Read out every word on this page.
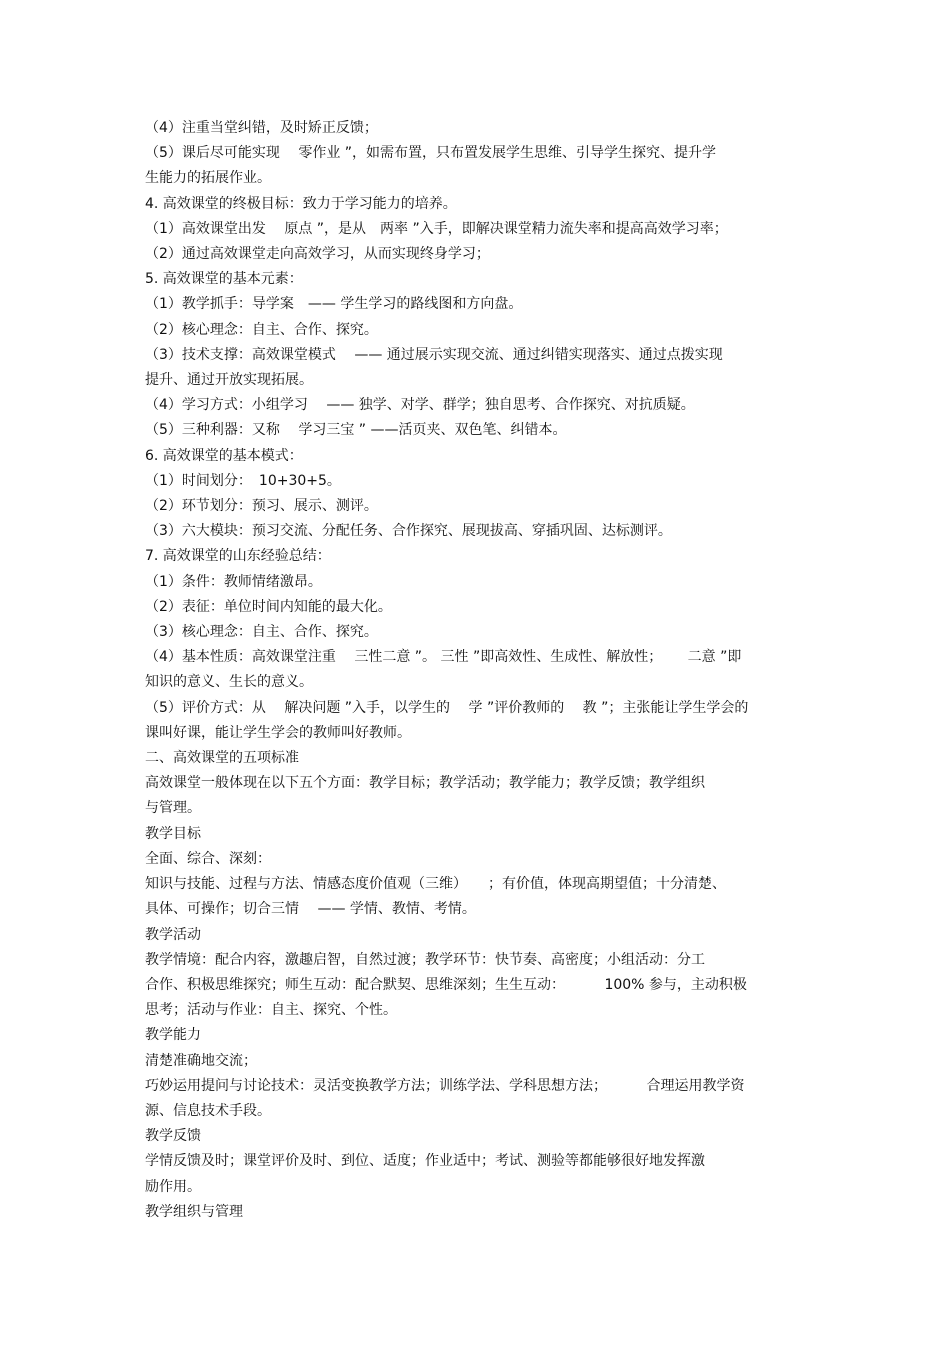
（4）注重当堂纠错，及时矫正反馈；
（5）课后尽可能实现　 零作业 ”，如需布置，只布置发展学生思维、引导学生探究、提升学
生能力的拓展作业。
4. 高效课堂的终极目标：致力于学习能力的培养。
（1）高效课堂出发　 原点 ”，是从　两率 ”入手，即解决课堂精力流失率和提高高效学习率；
（2）通过高效课堂走向高效学习，从而实现终身学习；
5. 高效课堂的基本元素：
（1）教学抓手：导学案　—— 学生学习的路线图和方向盘。
（2）核心理念：自主、合作、探究。
（3）技术支撑：高效课堂模式　 —— 通过展示实现交流、通过纠错实现落实、通过点拨实现
提升、通过开放实现拓展。
（4）学习方式：小组学习　 —— 独学、对学、群学；独自思考、合作探究、对抗质疑。
（5）三种利器：又称　 学习三宝 ” ——活页夹、双色笔、纠错本。
6. 高效课堂的基本模式：
（1）时间划分：　10+30+5。
（2）环节划分：预习、展示、测评。
（3）六大模块：预习交流、分配任务、合作探究、展现拔高、穿插巩固、达标测评。
7. 高效课堂的山东经验总结：
（1）条件：教师情绪激昂。
（2）表征：单位时间内知能的最大化。
（3）核心理念：自主、合作、探究。
（4）基本性质：高效课堂注重　 三性二意 ”。 三性 ”即高效性、生成性、解放性；　　 二意 ”即
知识的意义、生长的意义。
（5）评价方式：从　 解决问题 ”入手，以学生的　 学 ”评价教师的　 教 ”；主张能让学生学会的
课叫好课，能让学生学会的教师叫好教师。
二、高效课堂的五项标准
高效课堂一般体现在以下五个方面：教学目标；教学活动；教学能力；教学反馈；教学组织
与管理。
教学目标
全面、综合、深刻：
知识与技能、过程与方法、情感态度价值观（三维）　　；有价值，体现高期望值；十分清楚、
具体、可操作；切合三情　 —— 学情、教情、考情。
教学活动
教学情境：配合内容，激趣启智，自然过渡；教学环节：快节奏、高密度；小组活动：分工
合作、积极思维探究；师生互动：配合默契、思维深刻；生生互动：　　　 100% 参与，主动积极
思考；活动与作业：自主、探究、个性。
教学能力
清楚准确地交流；
巧妙运用提问与讨论技术：灵活变换教学方法；训练学法、学科思想方法；　　　 合理运用教学资
源、信息技术手段。
教学反馈
学情反馈及时；课堂评价及时、到位、适度；作业适中；考试、测验等都能够很好地发挥激
励作用。
教学组织与管理
